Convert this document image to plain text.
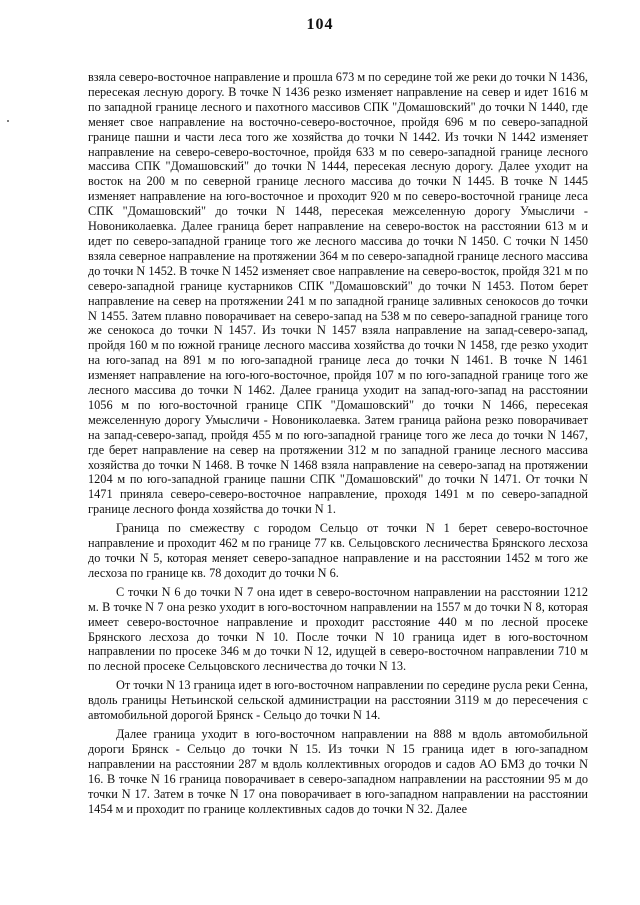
104

взяла северо-восточное направление и прошла 673 м по середине той же реки до точки N 1436, пересекая лесную дорогу. В точке N 1436 резко изменяет направление на север и идет 1616 м по западной границе лесного и пахотного массивов СПК "Домашовский" до точки N 1440, где меняет свое направление на восточно-северо-восточное, пройдя 696 м по северо-западной границе пашни и части леса того же хозяйства до точки N 1442. Из точки N 1442 изменяет направление на северо-северо-восточное, пройдя 633 м по северо-западной границе лесного массива СПК "Домашовский" до точки N 1444, пересекая лесную дорогу. Далее уходит на восток на 200 м по северной границе лесного массива до точки N 1445. В точке N 1445 изменяет направление на юго-восточное и проходит 920 м по северо-восточной границе леса СПК "Домашовский" до точки N 1448, пересекая межселенную дорогу Умысличи - Новониколаевка. Далее граница берет направление на северо-восток на расстоянии 613 м и идет по северо-западной границе того же лесного массива до точки N 1450. С точки N 1450 взяла северное направление на протяжении 364 м по северо-западной границе лесного массива до точки N 1452. В точке N 1452 изменяет свое направление на северо-восток, пройдя 321 м по северо-западной границе кустарников СПК "Домашовский" до точки N 1453. Потом берет направление на север на протяжении 241 м по западной границе заливных сенокосов до точки N 1455. Затем плавно поворачивает на северо-запад на 538 м по северо-западной границе того же сенокоса до точки N 1457. Из точки N 1457 взяла направление на запад-северо-запад, пройдя 160 м по южной границе лесного массива хозяйства до точки N 1458, где резко уходит на юго-запад на 891 м по юго-западной границе леса до точки N 1461. В точке N 1461 изменяет направление на юго-юго-восточное, пройдя 107 м по юго-западной границе того же лесного массива до точки N 1462. Далее граница уходит на запад-юго-запад на расстоянии 1056 м по юго-восточной границе СПК "Домашовский" до точки N 1466, пересекая межселенную дорогу Умысличи - Новониколаевка. Затем граница района резко поворачивает на запад-северо-запад, пройдя 455 м по юго-западной границе того же леса до точки N 1467, где берет направление на север на протяжении 312 м по западной границе лесного массива хозяйства до точки N 1468. В точке N 1468 взяла направление на северо-запад на протяжении 1204 м по юго-западной границе пашни СПК "Домашовский" до точки N 1471. От точки N 1471 приняла северо-северо-восточное направление, проходя 1491 м по северо-западной границе лесного фонда хозяйства до точки N 1.

Граница по смежеству с городом Сельцо от точки N 1 берет северо-восточное направление и проходит 462 м по границе 77 кв. Сельцовского лесничества Брянского лесхоза до точки N 5, которая меняет северо-западное направление и на расстоянии 1452 м того же лесхоза по границе кв. 78 доходит до точки N 6.

С точки N 6 до точки N 7 она идет в северо-восточном направлении на расстоянии 1212 м. В точке N 7 она резко уходит в юго-восточном направлении на 1557 м до точки N 8, которая имеет северо-восточное направление и проходит расстояние 440 м по лесной просеке Брянского лесхоза до точки N 10. После точки N 10 граница идет в юго-восточном направлении по просеке 346 м до точки N 12, идущей в северо-восточном направлении 710 м по лесной просеке Сельцовского лесничества до точки N 13.

От точки N 13 граница идет в юго-восточном направлении по середине русла реки Сенна, вдоль границы Нетьинской сельской администрации на расстоянии 3119 м до пересечения с автомобильной дорогой Брянск - Сельцо до точки N 14.

Далее граница уходит в юго-восточном направлении на 888 м вдоль автомобильной дороги Брянск - Сельцо до точки N 15. Из точки N 15 граница идет в юго-западном направлении на расстоянии 287 м вдоль коллективных огородов и садов АО БМЗ до точки N 16. В точке N 16 граница поворачивает в северо-западном направлении на расстоянии 95 м до точки N 17. Затем в точке N 17 она поворачивает в юго-западном направлении на расстоянии 1454 м и проходит по границе коллективных садов до точки N 32. Далее
